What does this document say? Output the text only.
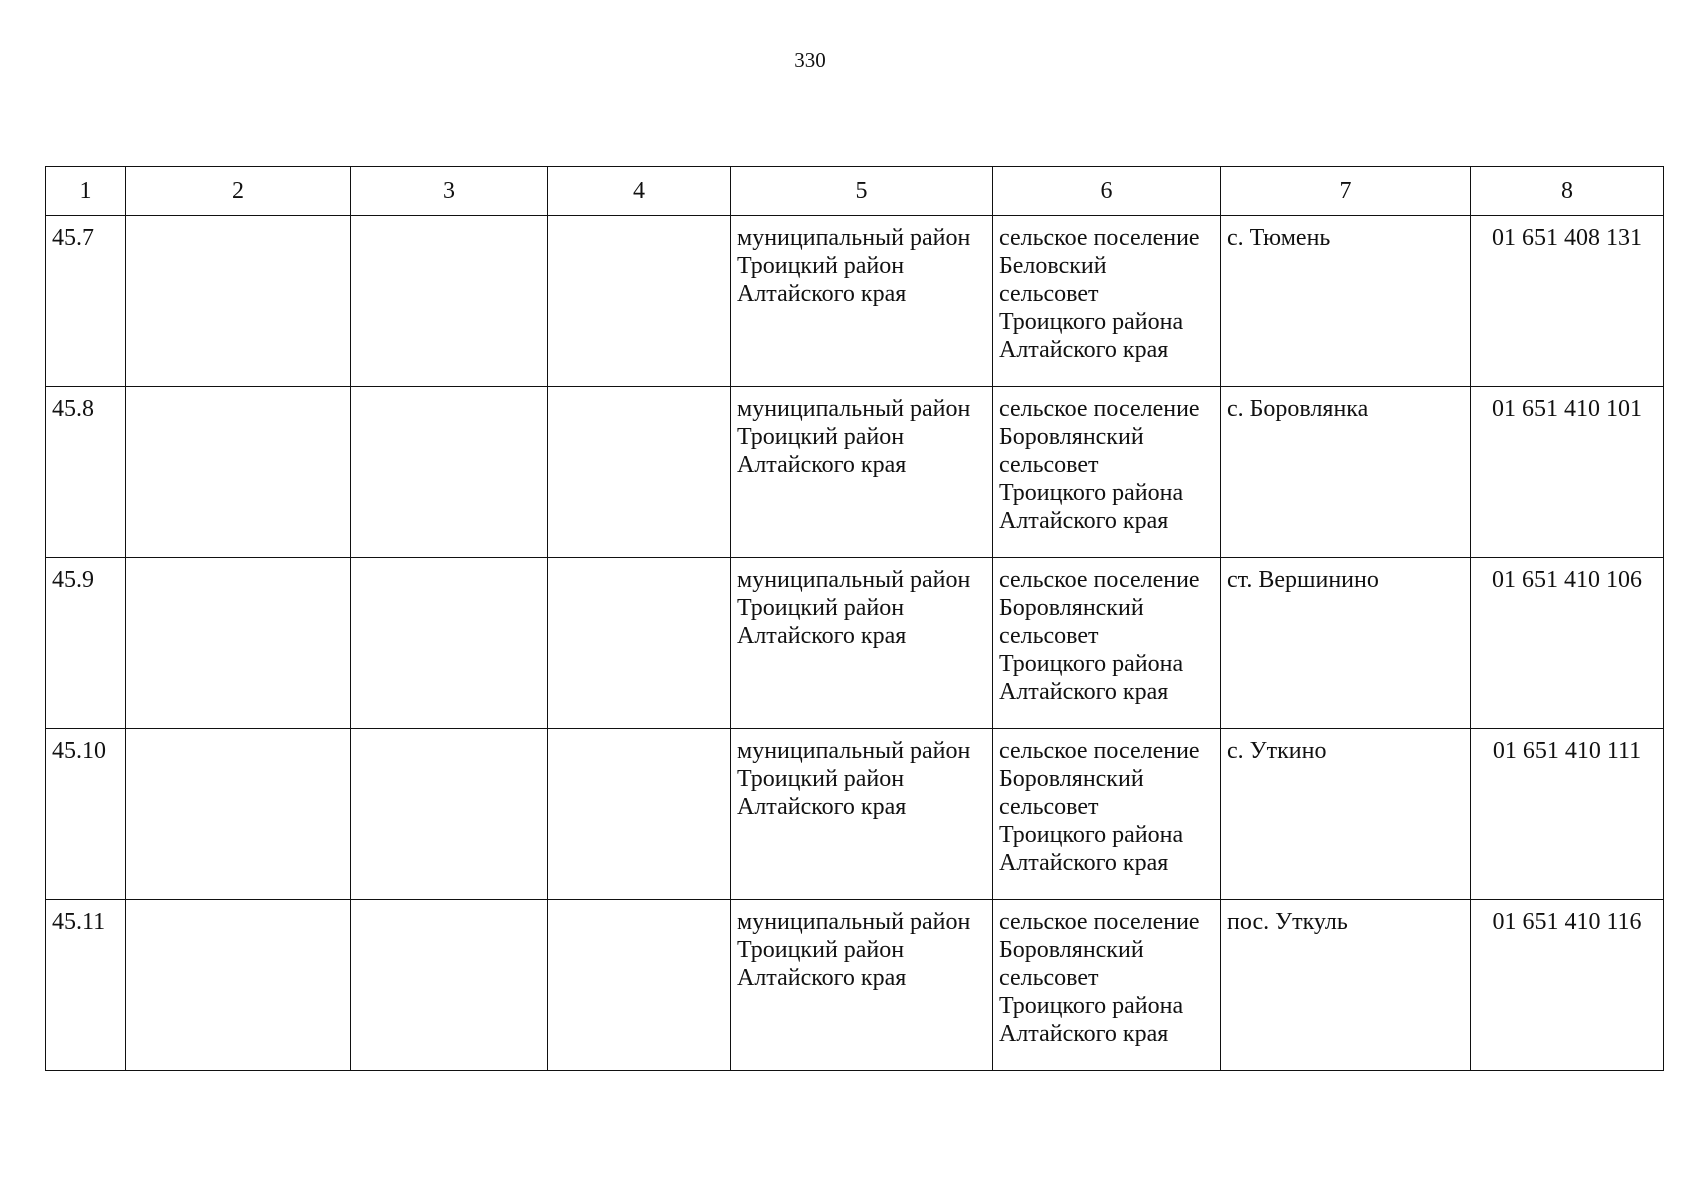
330
1	2	3	4	5	6	7	8
45.7				муниципальный район
Троицкий район
Алтайского края	сельское поселение
Беловский
сельсовет
Троицкого района
Алтайского края	с. Тюмень	01 651 408 131
45.8				муниципальный район
Троицкий район
Алтайского края	сельское поселение
Боровлянский
сельсовет
Троицкого района
Алтайского края	с. Боровлянка	01 651 410 101
45.9				муниципальный район
Троицкий район
Алтайского края	сельское поселение
Боровлянский
сельсовет
Троицкого района
Алтайского края	ст. Вершинино	01 651 410 106
45.10				муниципальный район
Троицкий район
Алтайского края	сельское поселение
Боровлянский
сельсовет
Троицкого района
Алтайского края	с. Уткино	01 651 410 111
45.11				муниципальный район
Троицкий район
Алтайского края	сельское поселение
Боровлянский
сельсовет
Троицкого района
Алтайского края	пос. Уткуль	01 651 410 116
